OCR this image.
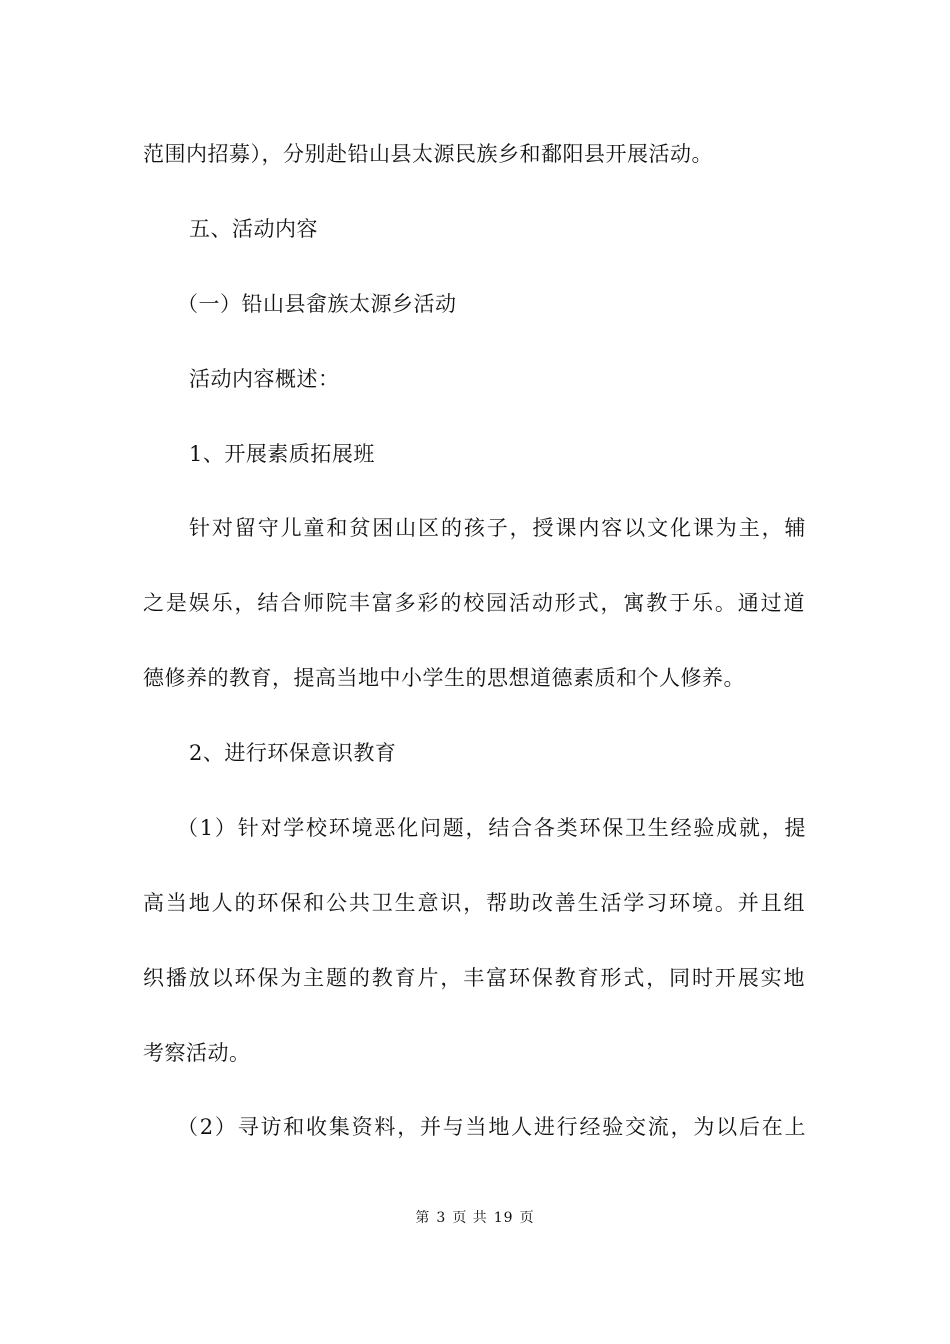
范围内招募），分别赴铅山县太源民族乡和鄱阳县开展活动。
五、活动内容
（一）铅山县畲族太源乡活动
活动内容概述：
1、开展素质拓展班
针对留守儿童和贫困山区的孩子，授课内容以文化课为主，辅
之是娱乐，结合师院丰富多彩的校园活动形式，寓教于乐。通过道
德修养的教育，提高当地中小学生的思想道德素质和个人修养。
2、进行环保意识教育
（1）针对学校环境恶化问题，结合各类环保卫生经验成就，提
高当地人的环保和公共卫生意识，帮助改善生活学习环境。并且组
织播放以环保为主题的教育片，丰富环保教育形式，同时开展实地
考察活动。
（2）寻访和收集资料，并与当地人进行经验交流，为以后在上
第 3 页 共 19 页
